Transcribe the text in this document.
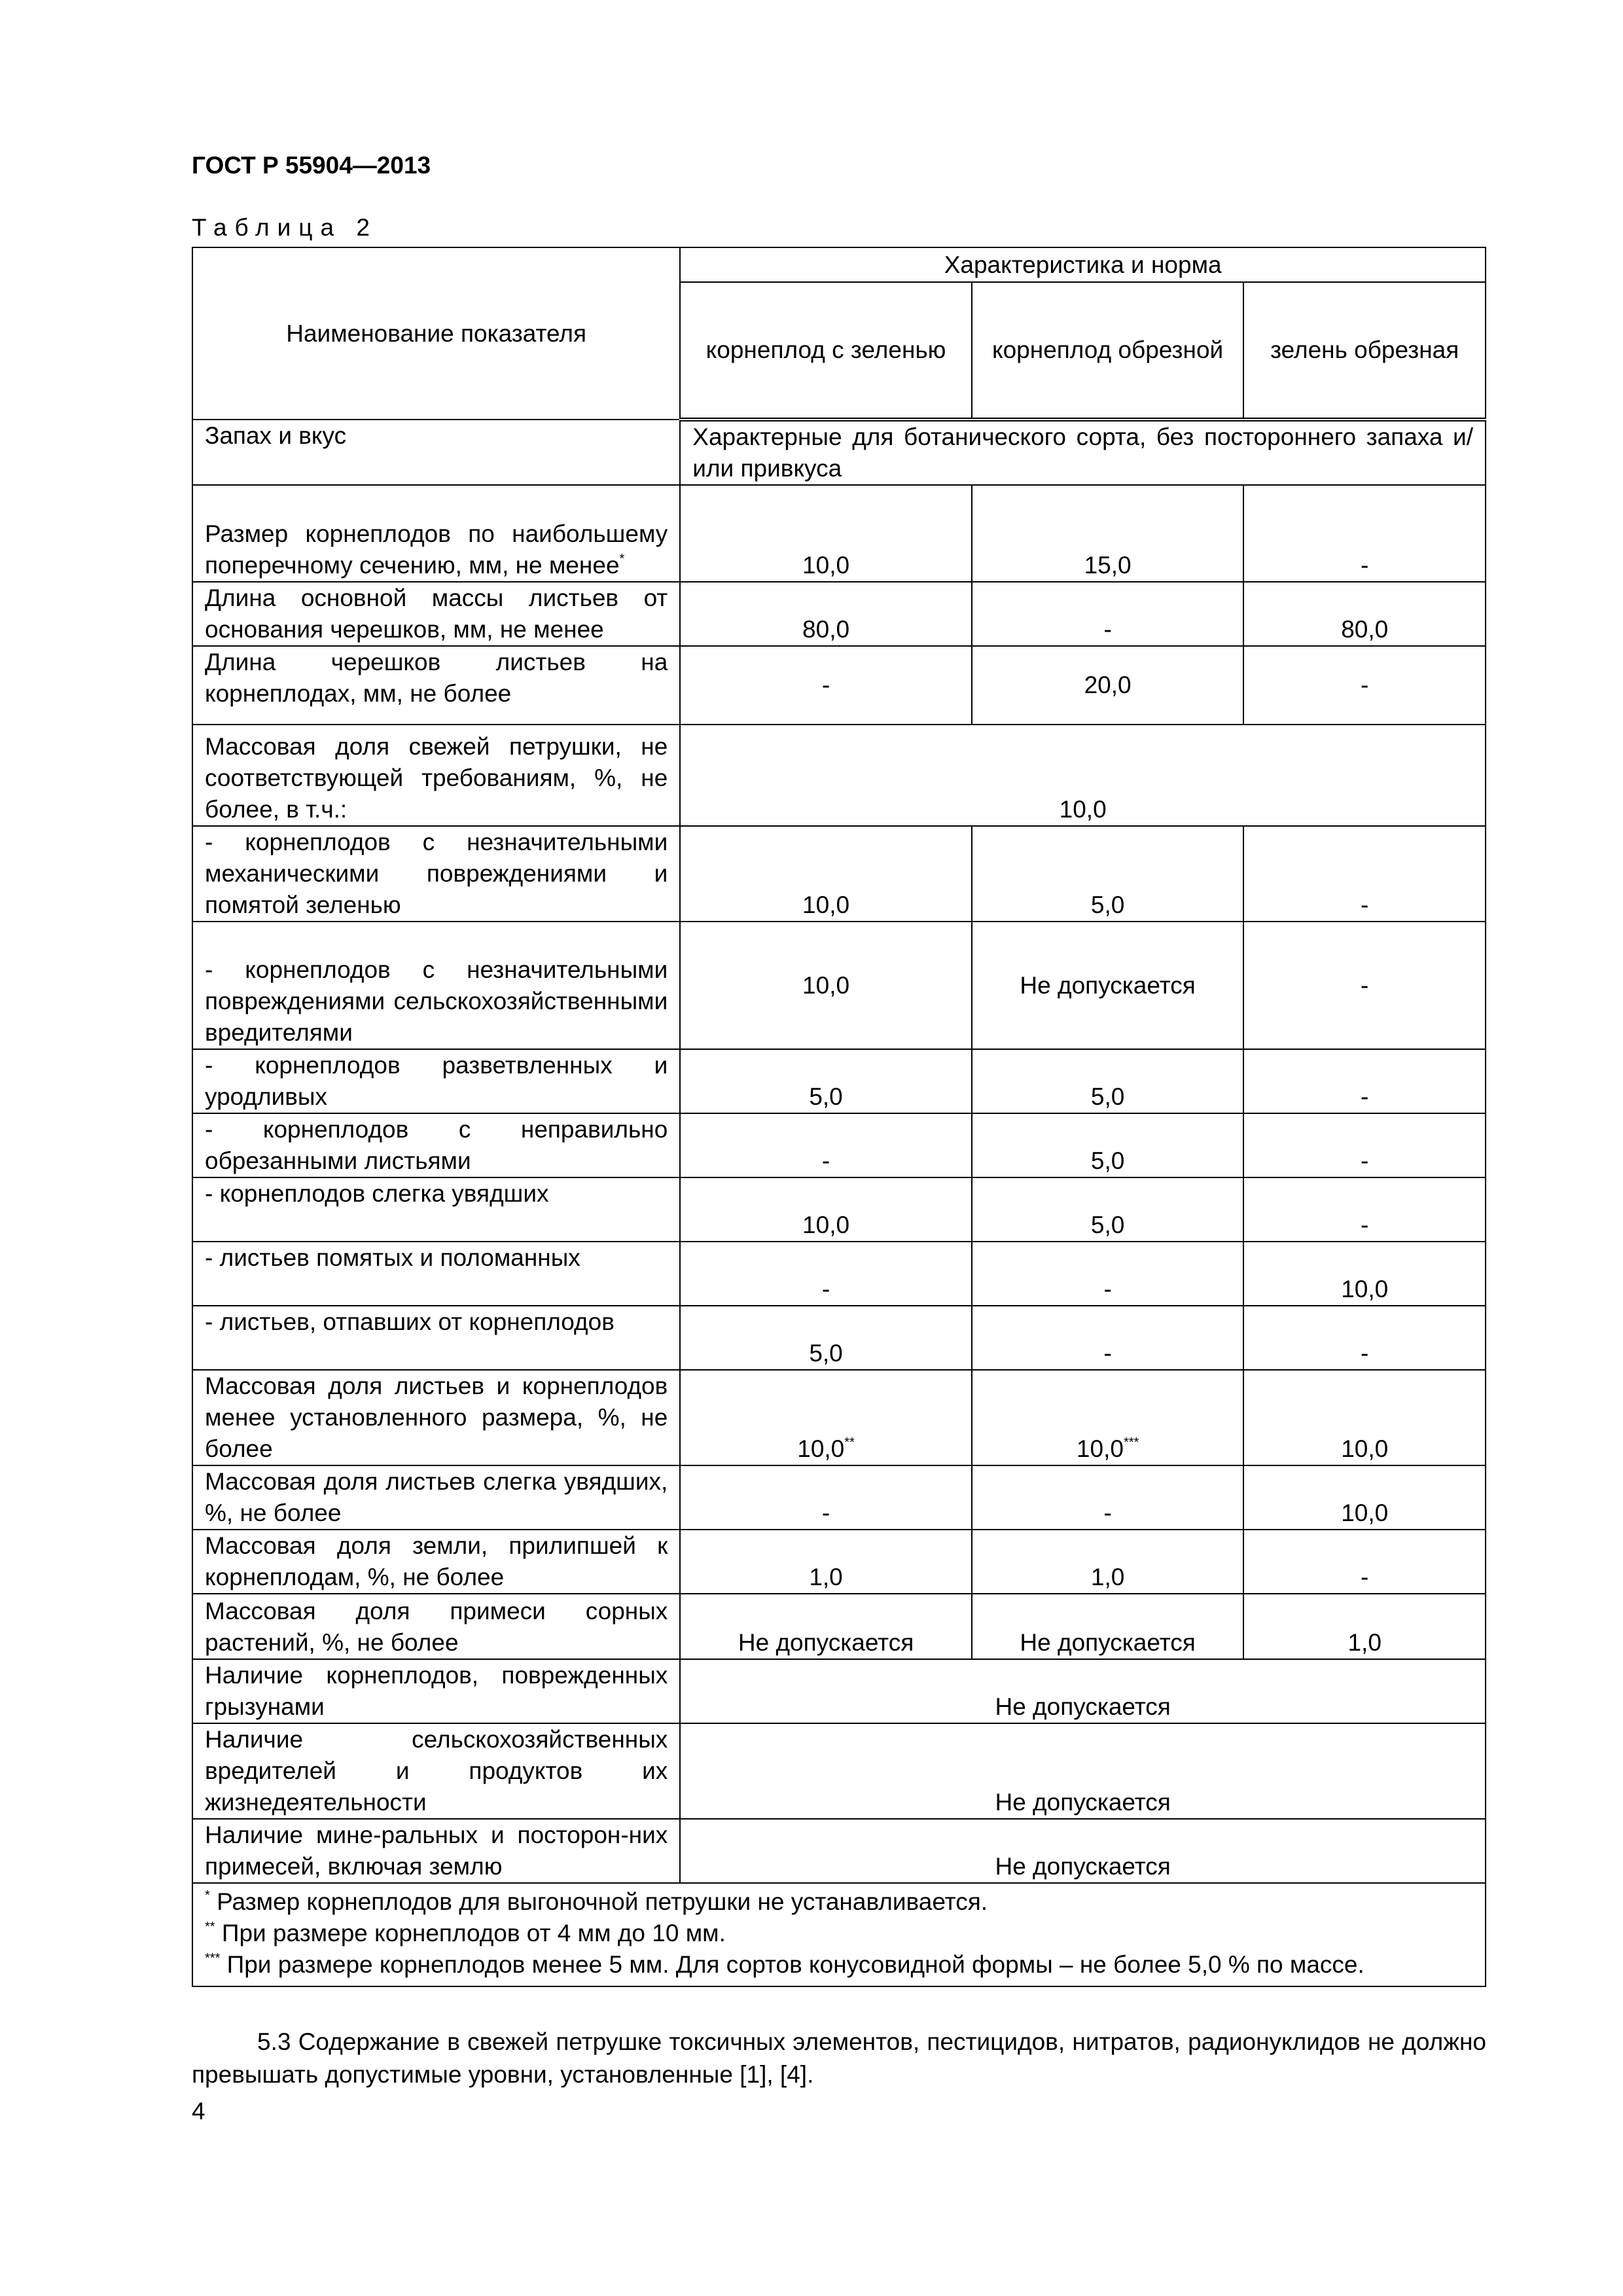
ГОСТ Р 55904—2013
Таблица 2
Наименование показателя	Характеристика и норма		
	корнеплод с зеленью	корнеплод обрезной	зелень обрезная
Запах и вкус	Характерные для ботанического сорта, без постороннего запаха и/или привкуса		
Размер корнеплодов по наибольшему поперечному сечению, мм, не менее*	10,0	15,0	-
Длина основной массы листьев от основания черешков, мм, не менее	80,0	-	80,0
Длина черешков листьев на корнеплодах, мм, не более	-	20,0	-
Массовая доля свежей петрушки, не соответствующей требованиям, %, не более, в т.ч.:	10,0		
- корнеплодов с незначительными механическими повреждениями и помятой зеленью	10,0	5,0	-
- корнеплодов с незначительными повреждениями сельскохозяйственными вредителями	10,0	Не допускается	-
- корнеплодов разветвленных и уродливых	5,0	5,0	-
- корнеплодов с неправильно обрезанными листьями	-	5,0	-
- корнеплодов слегка увядших	10,0	5,0	-
- листьев помятых и поломанных	-	-	10,0
- листьев, отпавших от корнеплодов	5,0	-	-
Массовая доля листьев и корнеплодов менее установленного размера, %, не более	10,0**	10,0***	10,0
Массовая доля листьев слегка увядших, %, не более	-	-	10,0
Массовая доля земли, прилипшей к корнеплодам, %, не более	1,0	1,0	-
Массовая доля примеси сорных растений, %, не более	Не допускается	Не допускается	1,0
Наличие корнеплодов, поврежденных грызунами	Не допускается		
Наличие сельскохозяйственных вредителей и продуктов их жизнедеятельности	Не допускается		
Наличие мине-ральных и посторон-них примесей, включая землю	Не допускается		

* Размер корнеплодов для выгоночной петрушки не устанавливается.
** При размере корнеплодов от 4 мм до 10 мм.
*** При размере корнеплодов менее 5 мм. Для сортов конусовидной формы – не более 5,0 % по массе.			
5.3 Содержание в свежей петрушке токсичных элементов, пестицидов, нитратов, радионуклидов не должно превышать допустимые уровни, установленные [1], [4].
4
